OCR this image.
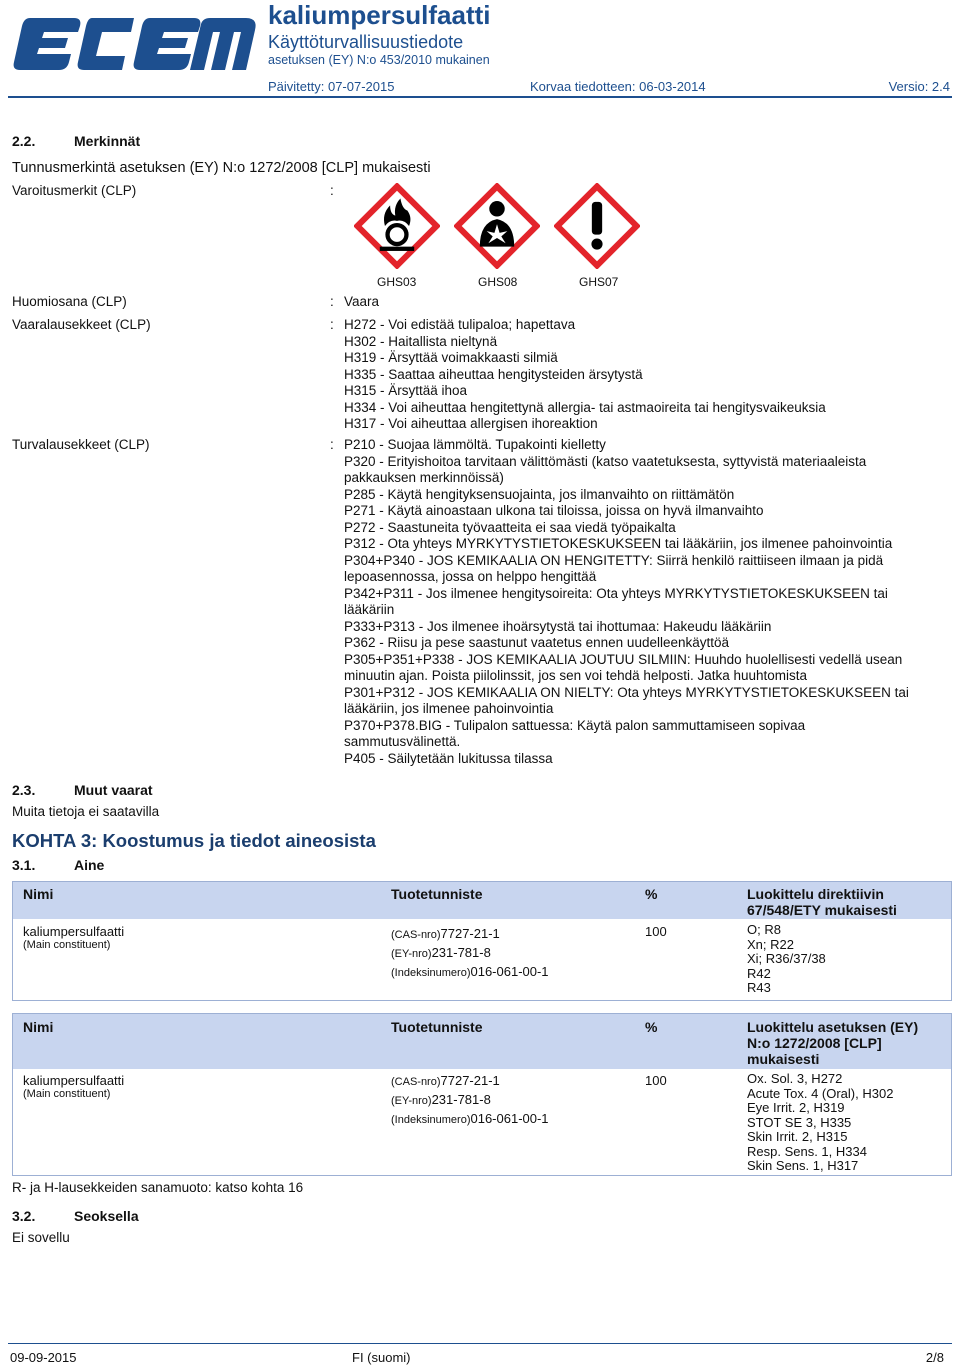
kaliumpersulfaatti
Käyttöturvallisuustiedote
asetuksen (EY) N:o 453/2010 mukainen
Päivitetty: 07-07-2015	Korvaa tiedotteen: 06-03-2014	Versio: 2.4
2.2.	Merkinnät
Tunnusmerkintä asetuksen (EY) N:o 1272/2008 [CLP] mukaisesti
Varoitusmerkit (CLP)	:
GHS03	GHS08	GHS07
Huomiosana (CLP)	: Vaara
Vaaralausekkeet (CLP)	: H272 - Voi edistää tulipaloa; hapettava
H302 - Haitallista nieltynä
H319 - Ärsyttää voimakkaasti silmiä
H335 - Saattaa aiheuttaa hengitysteiden ärsytystä
H315 - Ärsyttää ihoa
H334 - Voi aiheuttaa hengitettynä allergia- tai astmaoireita tai hengitysvaikeuksia
H317 - Voi aiheuttaa allergisen ihoreaktion
Turvalausekkeet (CLP)	: P210 - Suojaa lämmöltä. Tupakointi kielletty
P320 - Erityishoitoa tarvitaan välittömästi (katso vaatetuksesta, syttyvistä materiaaleista
pakkauksen merkinnöissä)
P285 - Käytä hengityksensuojainta, jos ilmanvaihto on riittämätön
P271 - Käytä ainoastaan ulkona tai tiloissa, joissa on hyvä ilmanvaihto
P272 - Saastuneita työvaatteita ei saa viedä työpaikalta
P312 - Ota yhteys MYRKYTYSTIETOKESKUKSEEN tai lääkäriin, jos ilmenee pahoinvointia
P304+P340 - JOS KEMIKAALIA ON HENGITETTY: Siirrä henkilö raittiiseen ilmaan ja pidä
lepoasennossa, jossa on helppo hengittää
P342+P311 - Jos ilmenee hengitysoireita: Ota yhteys MYRKYTYSTIETOKESKUKSEEN tai
lääkäriin
P333+P313 - Jos ilmenee ihoärsytystä tai ihottumaa: Hakeudu lääkäriin
P362 - Riisu ja pese saastunut vaatetus ennen uudelleenkäyttöä
P305+P351+P338 - JOS KEMIKAALIA JOUTUU SILMIIN: Huuhdo huolellisesti vedellä usean
minuutin ajan. Poista piilolinssit, jos sen voi tehdä helposti. Jatka huuhtomista
P301+P312 - JOS KEMIKAALIA ON NIELTY: Ota yhteys MYRKYTYSTIETOKESKUKSEEN tai
lääkäriin, jos ilmenee pahoinvointia
P370+P378.BIG - Tulipalon sattuessa: Käytä palon sammuttamiseen sopivaa
sammutusvälinettä.
P405 - Säilytetään lukitussa tilassa
2.3.	Muut vaarat
Muita tietoja ei saatavilla
KOHTA 3: Koostumus ja tiedot aineosista
3.1.	Aine
Nimi	Tuotetunniste	%	Luokittelu direktiivin
67/548/ETY mukaisesti
kaliumpersulfaatti
(Main constituent)
(CAS-nro)7727-21-1
(EY-nro)231-781-8
(Indeksinumero)016-061-00-1
100	O; R8
Xn; R22
Xi; R36/37/38
R42
R43
Nimi	Tuotetunniste	%	Luokittelu asetuksen (EY)
N:o 1272/2008 [CLP]
mukaisesti
kaliumpersulfaatti
(Main constituent)
(CAS-nro)7727-21-1
(EY-nro)231-781-8
(Indeksinumero)016-061-00-1
100	Ox. Sol. 3, H272
Acute Tox. 4 (Oral), H302
Eye Irrit. 2, H319
STOT SE 3, H335
Skin Irrit. 2, H315
Resp. Sens. 1, H334
Skin Sens. 1, H317
R- ja H-lausekkeiden sanamuoto: katso kohta 16
3.2.	Seoksella
Ei sovellu
09-09-2015	FI (suomi)	2/8
